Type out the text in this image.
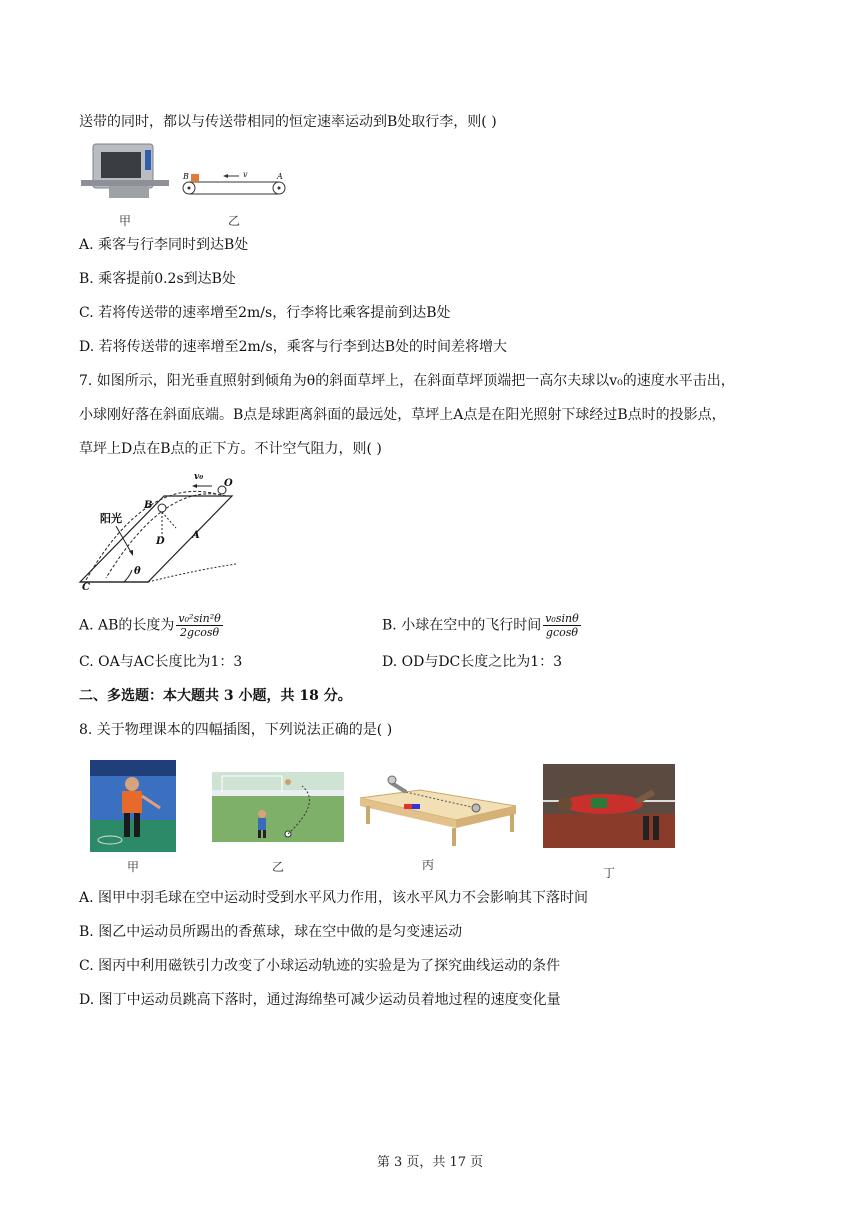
送带的同时，都以与传送带相同的恒定速率运动到B处取行李，则( )
甲
B	A
v
乙
A. 乘客与行李同时到达B处
B. 乘客提前0.2s到达B处
C. 若将传送带的速率增至2m/s，行李将比乘客提前到达B处
D. 若将传送带的速率增至2m/s，乘客与行李到达B处的时间差将增大
7. 如图所示，阳光垂直照射到倾角为θ的斜面草坪上，在斜面草坪顶端把一高尔夫球以v₀的速度水平击出，
小球刚好落在斜面底端。B点是球距离斜面的最远处，草坪上A点是在阳光照射下球经过B点时的投影点，
草坪上D点在B点的正下方。不计空气阻力，则( )
阳光
B
D
A
O
C
v₀
θ
A. AB的长度为 $\frac{\text{v₀²sin²θ}}{2gcos\theta}$	B. 小球在空中的飞行时间 $\frac{\text{v₀sinθ}}{gcos\theta}$
C. OA与AC长度比为1：3	D. OD与DC长度之比为1：3
二、多选题：本大题共 3 小题，共 18 分。
8. 关于物理课本的四幅插图，下列说法正确的是( )
甲	乙	丙
丁
A. 图甲中羽毛球在空中运动时受到水平风力作用，该水平风力不会影响其下落时间
B. 图乙中运动员所踢出的香蕉球，球在空中做的是匀变速运动
C. 图丙中利用磁铁引力改变了小球运动轨迹的实验是为了探究曲线运动的条件
D. 图丁中运动员跳高下落时，通过海绵垫可减少运动员着地过程的速度变化量
第 3 页，共 17 页
